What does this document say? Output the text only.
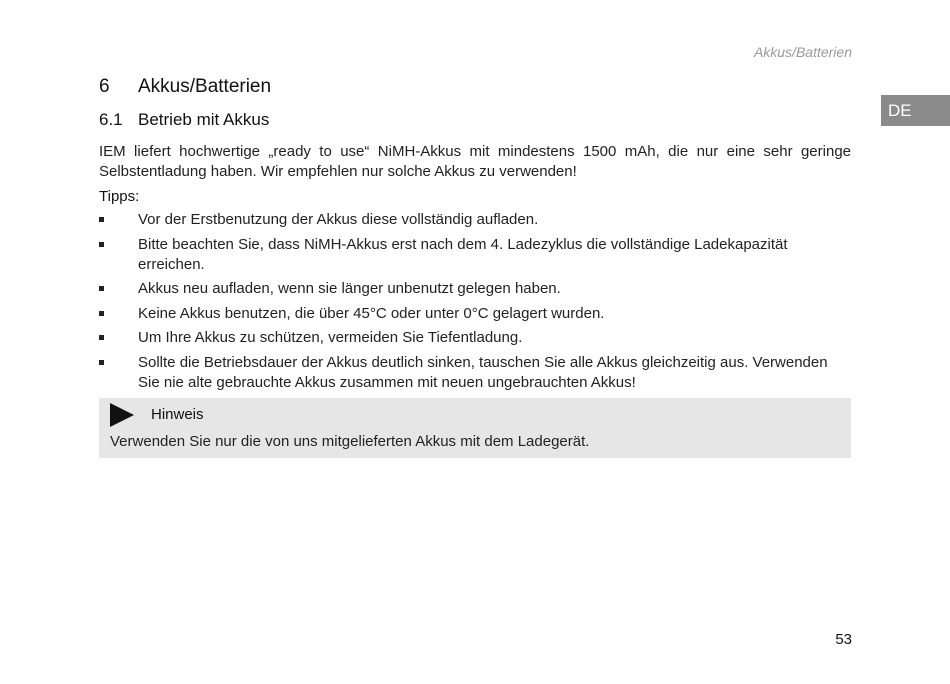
Akkus/Batterien
DE
6	Akkus/Batterien
6.1 Betrieb mit Akkus
IEM liefert hochwertige „ready to use“ NiMH-Akkus mit mindestens 1500 mAh, die nur eine sehr geringe Selbstentladung haben. Wir empfehlen nur solche Akkus zu verwenden!
Tipps:
Vor der Erstbenutzung der Akkus diese vollständig aufladen.
Bitte beachten Sie, dass NiMH-Akkus erst nach dem 4. Ladezyklus die vollständige Ladekapazität erreichen.
Akkus neu aufladen, wenn sie länger unbenutzt gelegen haben.
Keine Akkus benutzen, die über 45°C oder unter 0°C gelagert wurden.
Um Ihre Akkus zu schützen, vermeiden Sie Tiefentladung.
Sollte die Betriebsdauer der Akkus deutlich sinken, tauschen Sie alle Akkus gleichzeitig aus. Verwenden Sie nie alte gebrauchte Akkus zusammen mit neuen ungebrauchten Akkus!
Hinweis
Verwenden Sie nur die von uns mitgelieferten Akkus mit dem Ladegerät.
53
